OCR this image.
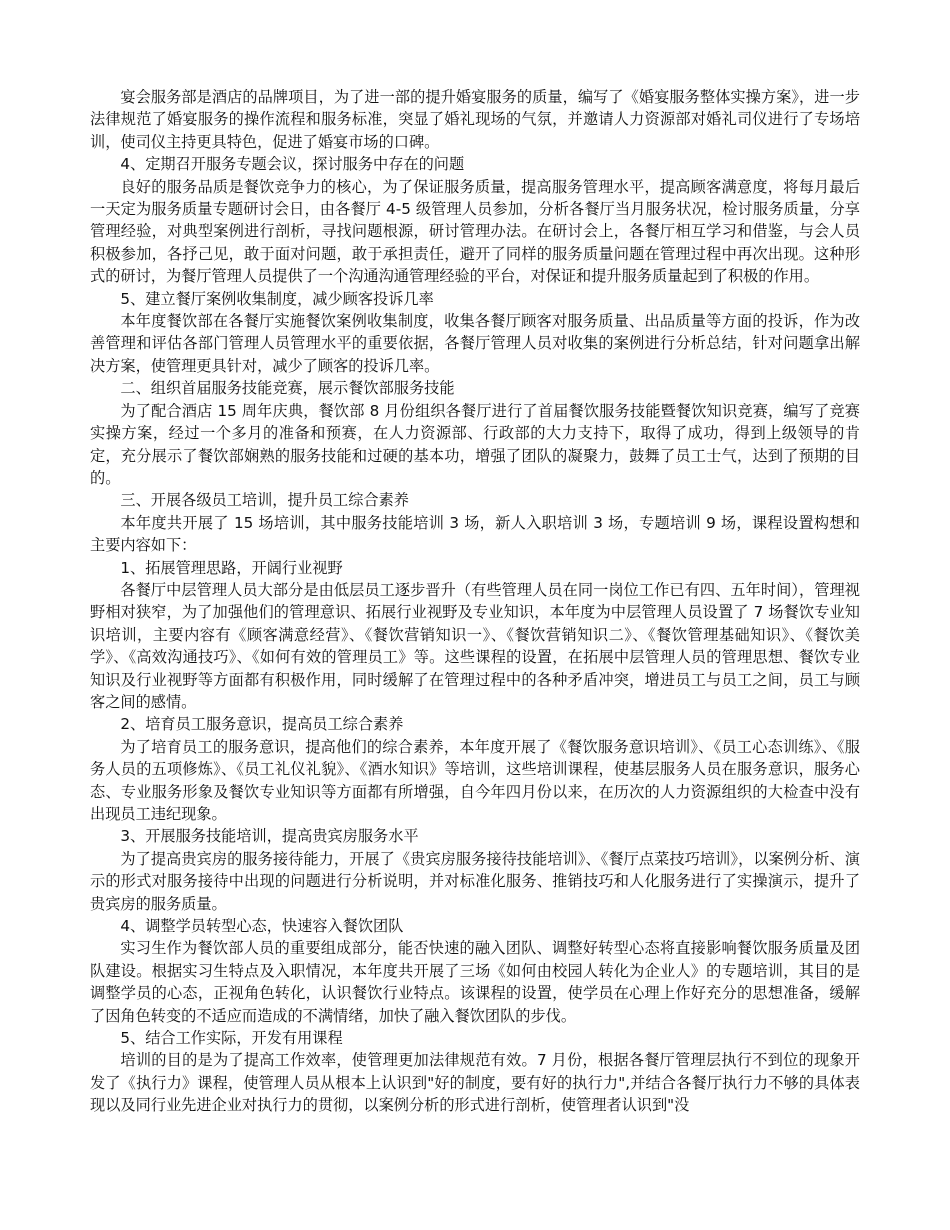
宴会服务部是酒店的品牌项目，为了进一部的提升婚宴服务的质量，编写了《婚宴服务整体实操方案》，进一步法律规范了婚宴服务的操作流程和服务标准，突显了婚礼现场的气氛，并邀请人力资源部对婚礼司仪进行了专场培训，使司仪主持更具特色，促进了婚宴市场的口碑。

4、定期召开服务专题会议，探讨服务中存在的问题

良好的服务品质是餐饮竞争力的核心，为了保证服务质量，提高服务管理水平，提高顾客满意度，将每月最后一天定为服务质量专题研讨会日，由各餐厅 4-5 级管理人员参加，分析各餐厅当月服务状况，检讨服务质量，分享管理经验，对典型案例进行剖析，寻找问题根源，研讨管理办法。在研讨会上，各餐厅相互学习和借鉴，与会人员积极参加，各抒己见，敢于面对问题，敢于承担责任，避开了同样的服务质量问题在管理过程中再次出现。这种形式的研讨，为餐厅管理人员提供了一个沟通沟通管理经验的平台，对保证和提升服务质量起到了积极的作用。

5、建立餐厅案例收集制度，减少顾客投诉几率

本年度餐饮部在各餐厅实施餐饮案例收集制度，收集各餐厅顾客对服务质量、出品质量等方面的投诉，作为改善管理和评估各部门管理人员管理水平的重要依据，各餐厅管理人员对收集的案例进行分析总结，针对问题拿出解决方案，使管理更具针对，减少了顾客的投诉几率。

二、组织首届服务技能竞赛，展示餐饮部服务技能

为了配合酒店 15 周年庆典，餐饮部 8 月份组织各餐厅进行了首届餐饮服务技能暨餐饮知识竞赛，编写了竞赛实操方案，经过一个多月的准备和预赛，在人力资源部、行政部的大力支持下，取得了成功，得到上级领导的肯定，充分展示了餐饮部娴熟的服务技能和过硬的基本功，增强了团队的凝聚力，鼓舞了员工士气，达到了预期的目的。

三、开展各级员工培训，提升员工综合素养

本年度共开展了 15 场培训，其中服务技能培训 3 场，新人入职培训 3 场，专题培训 9 场，课程设置构想和主要内容如下：

1、拓展管理思路，开阔行业视野

各餐厅中层管理人员大部分是由低层员工逐步晋升（有些管理人员在同一岗位工作已有四、五年时间），管理视野相对狭窄，为了加强他们的管理意识、拓展行业视野及专业知识，本年度为中层管理人员设置了 7 场餐饮专业知识培训，主要内容有《顾客满意经营》、《餐饮营销知识一》、《餐饮营销知识二》、《餐饮管理基础知识》、《餐饮美学》、《高效沟通技巧》、《如何有效的管理员工》等。这些课程的设置，在拓展中层管理人员的管理思想、餐饮专业知识及行业视野等方面都有积极作用，同时缓解了在管理过程中的各种矛盾冲突，增进员工与员工之间，员工与顾客之间的感情。

2、培育员工服务意识，提高员工综合素养

为了培育员工的服务意识，提高他们的综合素养，本年度开展了《餐饮服务意识培训》、《员工心态训练》、《服务人员的五项修炼》、《员工礼仪礼貌》、《酒水知识》等培训，这些培训课程，使基层服务人员在服务意识，服务心态、专业服务形象及餐饮专业知识等方面都有所增强，自今年四月份以来，在历次的人力资源组织的大检查中没有出现员工违纪现象。

3、开展服务技能培训，提高贵宾房服务水平

为了提高贵宾房的服务接待能力，开展了《贵宾房服务接待技能培训》、《餐厅点菜技巧培训》，以案例分析、演示的形式对服务接待中出现的问题进行分析说明，并对标准化服务、推销技巧和人化服务进行了实操演示，提升了贵宾房的服务质量。

4、调整学员转型心态，快速容入餐饮团队

实习生作为餐饮部人员的重要组成部分，能否快速的融入团队、调整好转型心态将直接影响餐饮服务质量及团队建设。根据实习生特点及入职情况，本年度共开展了三场《如何由校园人转化为企业人》的专题培训，其目的是调整学员的心态，正视角色转化，认识餐饮行业特点。该课程的设置，使学员在心理上作好充分的思想准备，缓解了因角色转变的不适应而造成的不满情绪，加快了融入餐饮团队的步伐。

5、结合工作实际，开发有用课程

培训的目的是为了提高工作效率，使管理更加法律规范有效。7 月份，根据各餐厅管理层执行不到位的现象开发了《执行力》课程，使管理人员从根本上认识到"好的制度，要有好的执行力",并结合各餐厅执行力不够的具体表现以及同行业先进企业对执行力的贯彻，以案例分析的形式进行剖析，使管理者认识到"没
